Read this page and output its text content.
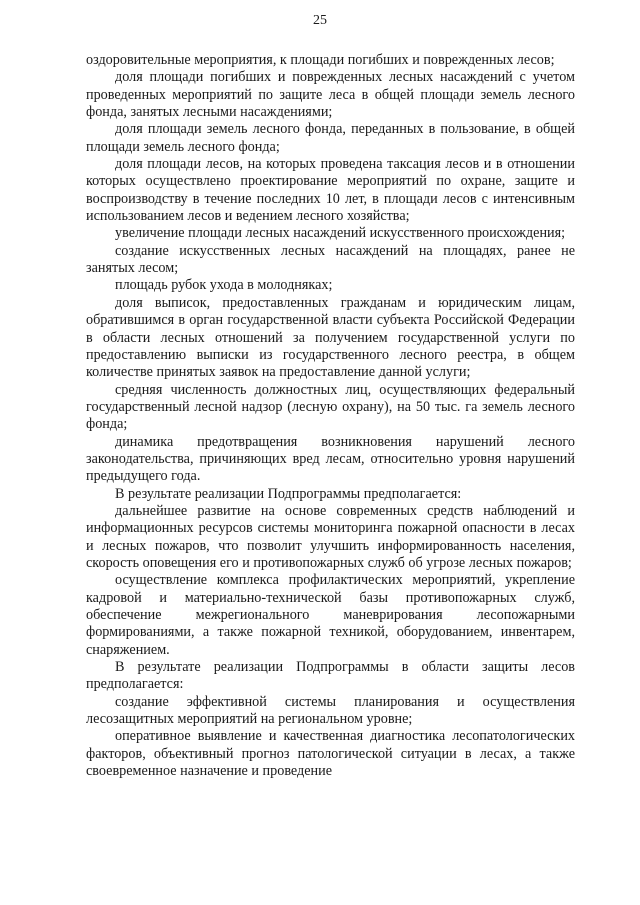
25

оздоровительные мероприятия, к площади погибших и поврежденных лесов;

доля площади погибших и поврежденных лесных насаждений с учетом проведенных мероприятий по защите леса в общей площади земель лесного фонда, занятых лесными насаждениями;

доля площади земель лесного фонда, переданных в пользование, в общей площади земель лесного фонда;

доля площади лесов, на которых проведена таксация лесов и в отношении которых осуществлено проектирование мероприятий по охране, защите и воспроизводству в течение последних 10 лет, в площади лесов с интенсивным использованием лесов и ведением лесного хозяйства;

увеличение площади лесных насаждений искусственного происхождения;

создание искусственных лесных насаждений на площадях, ранее не занятых лесом;

площадь рубок ухода в молодняках;

доля выписок, предоставленных гражданам и юридическим лицам, обратившимся в орган государственной власти субъекта Российской Федерации в области лесных отношений за получением государственной услуги по предоставлению выписки из государственного лесного реестра, в общем количестве принятых заявок на предоставление данной услуги;

средняя численность должностных лиц, осуществляющих федеральный государственный лесной надзор (лесную охрану), на 50 тыс. га земель лесного фонда;

динамика предотвращения возникновения нарушений лесного законодательства, причиняющих вред лесам, относительно уровня нарушений предыдущего года.

В результате реализации Подпрограммы предполагается:

дальнейшее развитие на основе современных средств наблюдений и информационных ресурсов системы мониторинга пожарной опасности в лесах и лесных пожаров, что позволит улучшить информированность населения, скорость оповещения его и противопожарных служб об угрозе лесных пожаров;

осуществление комплекса профилактических мероприятий, укрепление кадровой и материально-технической базы противопожарных служб, обеспечение межрегионального маневрирования лесопожарными формированиями, а также пожарной техникой, оборудованием, инвентарем, снаряжением.

В результате реализации Подпрограммы в области защиты лесов предполагается:

создание эффективной системы планирования и осуществления лесозащитных мероприятий на региональном уровне;

оперативное выявление и качественная диагностика лесопатологических факторов, объективный прогноз патологической ситуации в лесах, а также своевременное назначение и проведение
